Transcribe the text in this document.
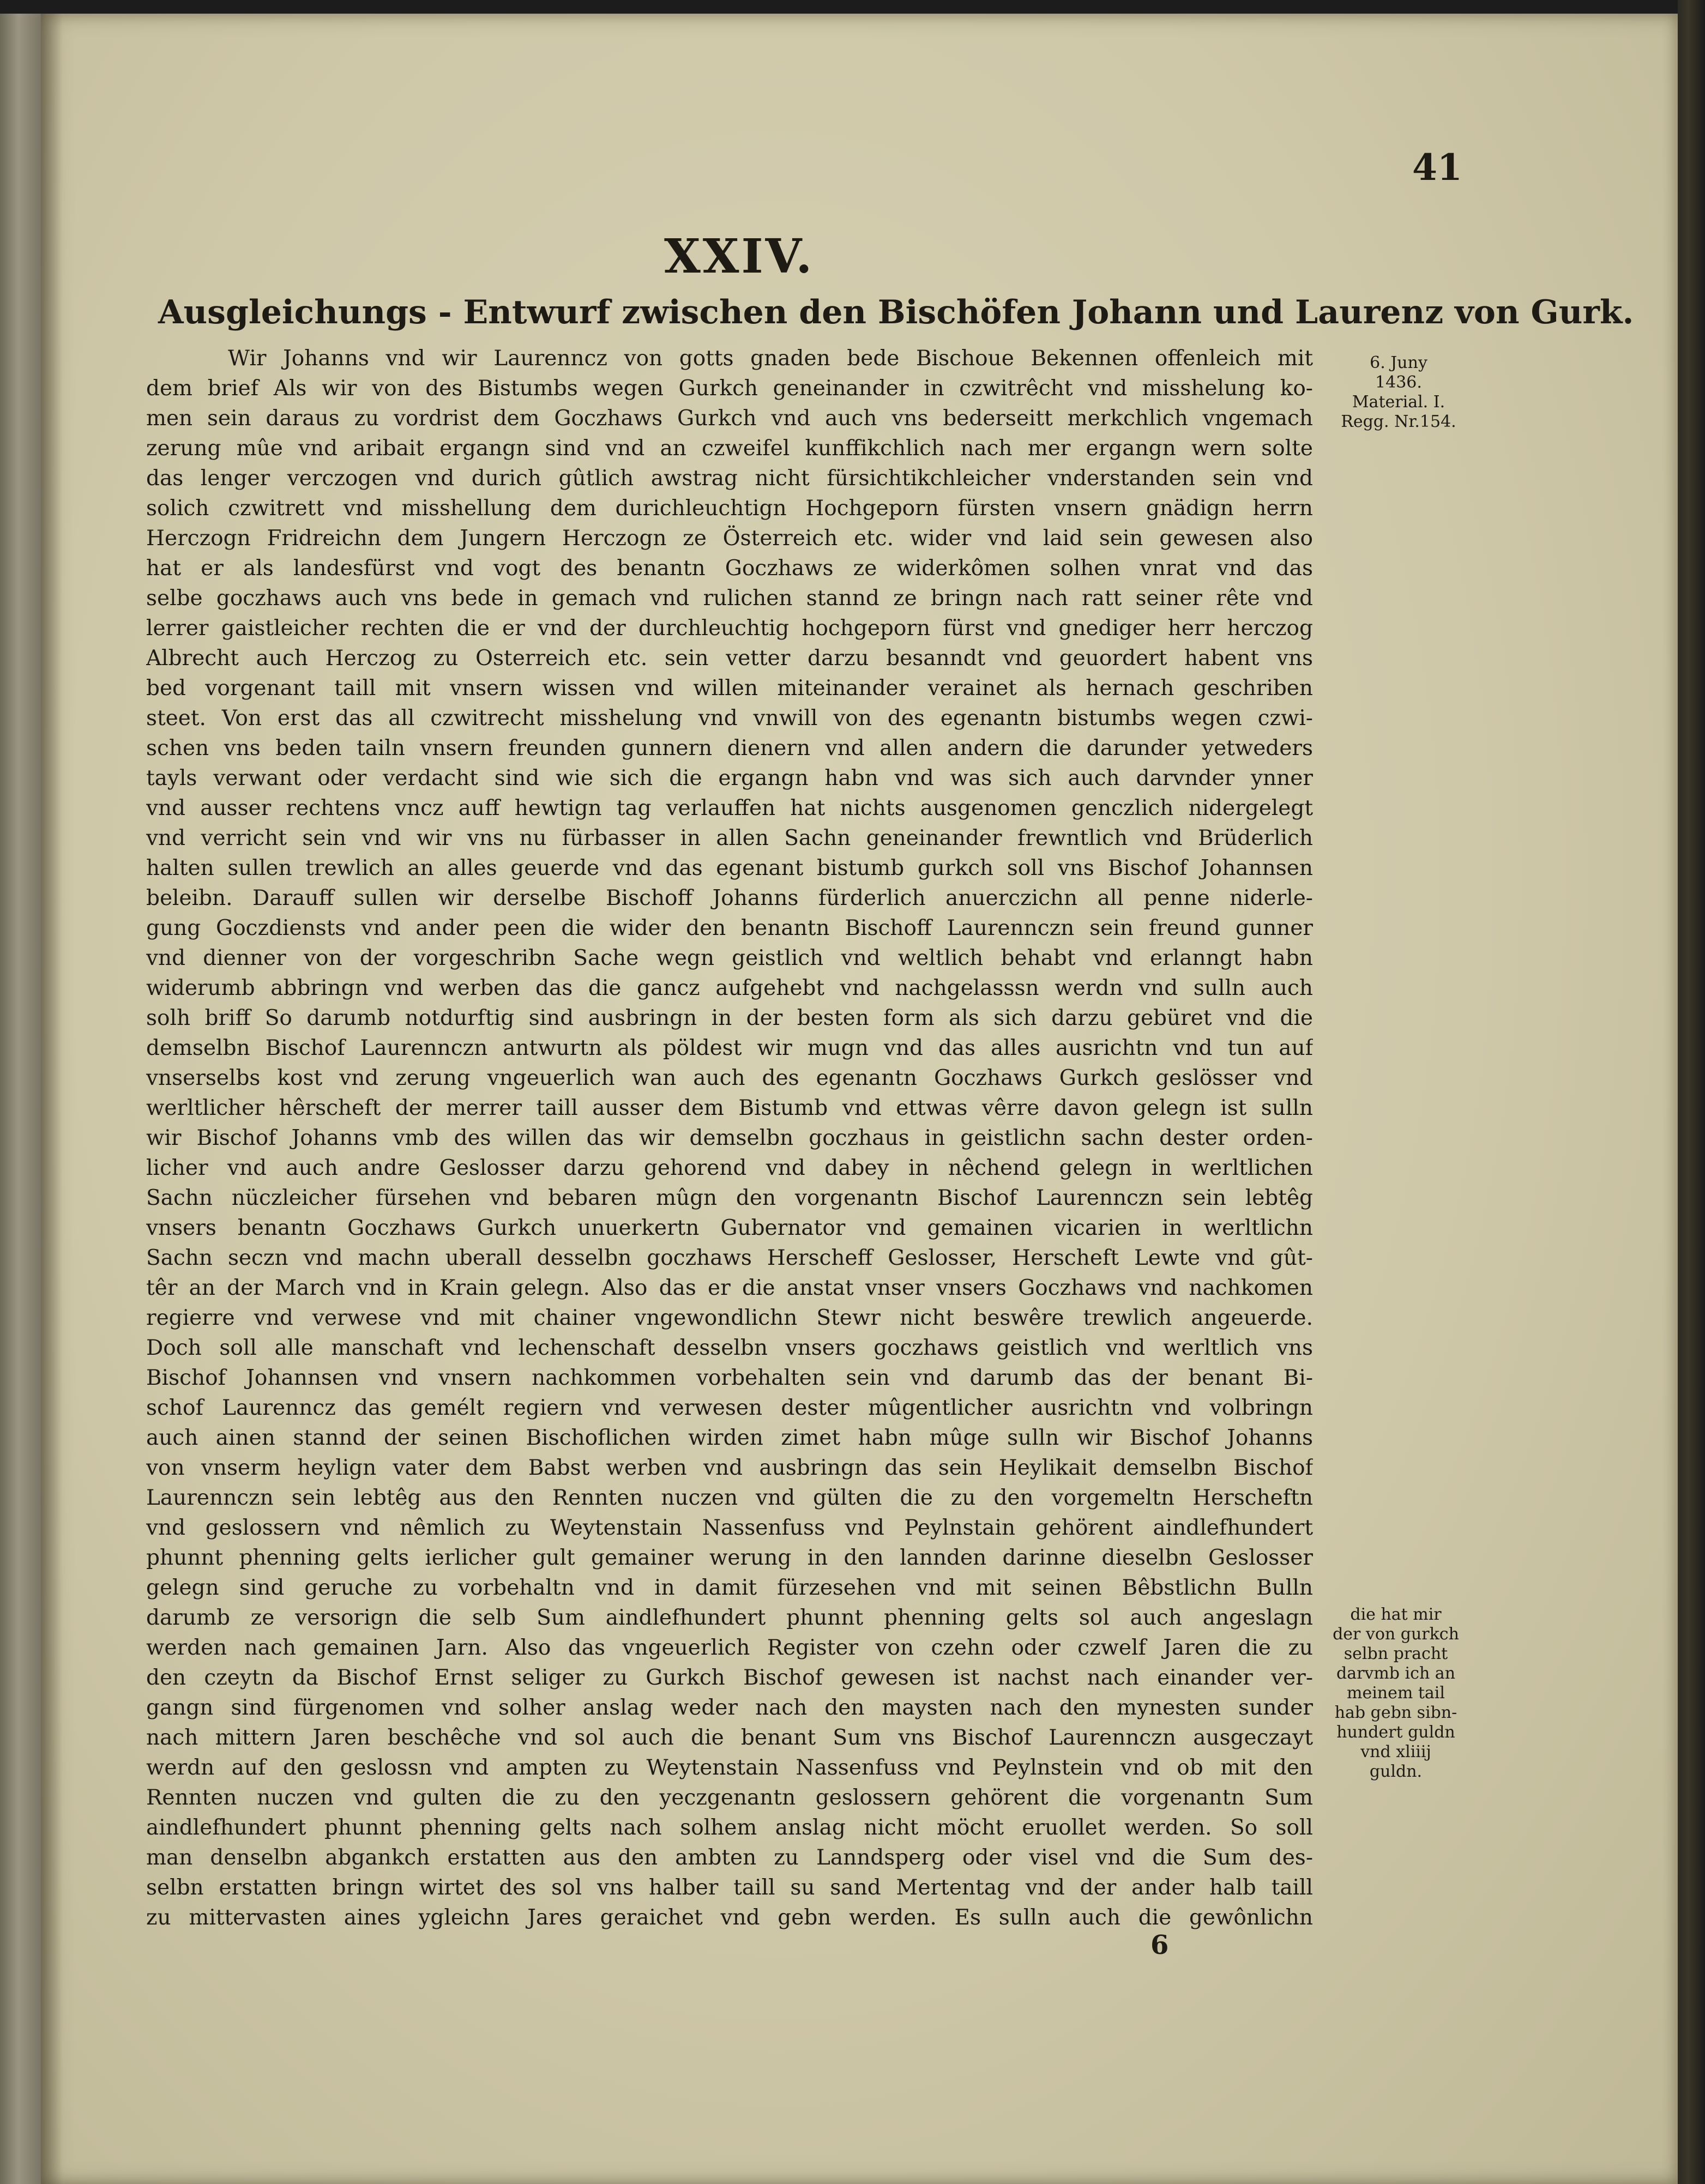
41
XXIV.
Ausgleichungs - Entwurf zwischen den Bischöfen Johann und Laurenz von Gurk.
Wir Johanns vnd wir Laurenncz von gotts gnaden bede Bischoue Bekennen offenleich mit
dem brief Als wir von des Bistumbs wegen Gurkch geneinander in czwitrêcht vnd misshelung ko-
men sein daraus zu vordrist dem Goczhaws Gurkch vnd auch vns bederseitt merkchlich vngemach
zerung mûe vnd aribait ergangn sind vnd an czweifel kunffikchlich nach mer ergangn wern solte
das lenger verczogen vnd durich gûtlich awstrag nicht fürsichtikchleicher vnderstanden sein vnd
solich czwitrett vnd misshellung dem durichleuchtign Hochgeporn fürsten vnsern gnädign herrn
Herczogn Fridreichn dem Jungern Herczogn ze Österreich etc. wider vnd laid sein gewesen also
hat er als landesfürst vnd vogt des benantn Goczhaws ze widerkômen solhen vnrat vnd das
selbe goczhaws auch vns bede in gemach vnd rulichen stannd ze bringn nach ratt seiner rête vnd
lerrer gaistleicher rechten die er vnd der durchleuchtig hochgeporn fürst vnd gnediger herr herczog
Albrecht auch Herczog zu Osterreich etc. sein vetter darzu besanndt vnd geuordert habent vns
bed vorgenant taill mit vnsern wissen vnd willen miteinander verainet als hernach geschriben
steet. Von erst das all czwitrecht misshelung vnd vnwill von des egenantn bistumbs wegen czwi-
schen vns beden tailn vnsern freunden gunnern dienern vnd allen andern die darunder yetweders
tayls verwant oder verdacht sind wie sich die ergangn habn vnd was sich auch darvnder ynner
vnd ausser rechtens vncz auff hewtign tag verlauffen hat nichts ausgenomen genczlich nidergelegt
vnd verricht sein vnd wir vns nu fürbasser in allen Sachn geneinander frewntlich vnd Brüderlich
halten sullen trewlich an alles geuerde vnd das egenant bistumb gurkch soll vns Bischof Johannsen
beleibn. Darauff sullen wir derselbe Bischoff Johanns fürderlich anuerczichn all penne niderle-
gung Goczdiensts vnd ander peen die wider den benantn Bischoff Laurennczn sein freund gunner
vnd dienner von der vorgeschribn Sache wegn geistlich vnd weltlich behabt vnd erlanngt habn
widerumb abbringn vnd werben das die gancz aufgehebt vnd nachgelasssn werdn vnd sulln auch
solh briff So darumb notdurftig sind ausbringn in der besten form als sich darzu gebüret vnd die
demselbn Bischof Laurennczn antwurtn als pöldest wir mugn vnd das alles ausrichtn vnd tun auf
vnserselbs kost vnd zerung vngeuerlich wan auch des egenantn Goczhaws Gurkch geslösser vnd
werltlicher hêrscheft der merrer taill ausser dem Bistumb vnd ettwas vêrre davon gelegn ist sulln
wir Bischof Johanns vmb des willen das wir demselbn goczhaus in geistlichn sachn dester orden-
licher vnd auch andre Geslosser darzu gehorend vnd dabey in nêchend gelegn in werltlichen
Sachn nüczleicher fürsehen vnd bebaren mûgn den vorgenantn Bischof Laurennczn sein lebtêg
vnsers benantn Goczhaws Gurkch unuerkertn Gubernator vnd gemainen vicarien in werltlichn
Sachn seczn vnd machn uberall desselbn goczhaws Herscheff Geslosser, Herscheft Lewte vnd gût-
têr an der March vnd in Krain gelegn. Also das er die anstat vnser vnsers Goczhaws vnd nachkomen
regierre vnd verwese vnd mit chainer vngewondlichn Stewr nicht beswêre trewlich angeuerde.
Doch soll alle manschaft vnd lechenschaft desselbn vnsers goczhaws geistlich vnd werltlich vns
Bischof Johannsen vnd vnsern nachkommen vorbehalten sein vnd darumb das der benant Bi-
schof Laurenncz das gemélt regiern vnd verwesen dester mûgentlicher ausrichtn vnd volbringn
auch ainen stannd der seinen Bischoflichen wirden zimet habn mûge sulln wir Bischof Johanns
von vnserm heylign vater dem Babst werben vnd ausbringn das sein Heylikait demselbn Bischof
Laurennczn sein lebtêg aus den Rennten nuczen vnd gülten die zu den vorgemeltn Herscheftn
vnd geslossern vnd nêmlich zu Weytenstain Nassenfuss vnd Peylnstain gehörent aindlefhundert
phunnt phenning gelts ierlicher gult gemainer werung in den lannden darinne dieselbn Geslosser
gelegn sind geruche zu vorbehaltn vnd in damit fürzesehen vnd mit seinen Bêbstlichn Bulln
darumb ze versorign die selb Sum aindlefhundert phunnt phenning gelts sol auch angeslagn
werden nach gemainen Jarn. Also das vngeuerlich Register von czehn oder czwelf Jaren die zu
den czeytn da Bischof Ernst seliger zu Gurkch Bischof gewesen ist nachst nach einander ver-
gangn sind fürgenomen vnd solher anslag weder nach den maysten nach den mynesten sunder
nach mittern Jaren beschêche vnd sol auch die benant Sum vns Bischof Laurennczn ausgeczayt
werdn auf den geslossn vnd ampten zu Weytenstain Nassenfuss vnd Peylnstein vnd ob mit den
Rennten nuczen vnd gulten die zu den yeczgenantn geslossern gehörent die vorgenantn Sum
aindlefhundert phunnt phenning gelts nach solhem anslag nicht möcht eruollet werden. So soll
man denselbn abgankch erstatten aus den ambten zu Lanndsperg oder visel vnd die Sum des-
selbn erstatten bringn wirtet des sol vns halber taill su sand Mertentag vnd der ander halb taill
zu mittervasten aines ygleichn Jares geraichet vnd gebn werden. Es sulln auch die gewônlichn
6. Juny
1436.
Material. I.
Regg. Nr.154.
die hat mir
der von gurkch
selbn pracht
darvmb ich an
meinem tail
hab gebn sibn-
hundert guldn
vnd xliiij
guldn.
6
